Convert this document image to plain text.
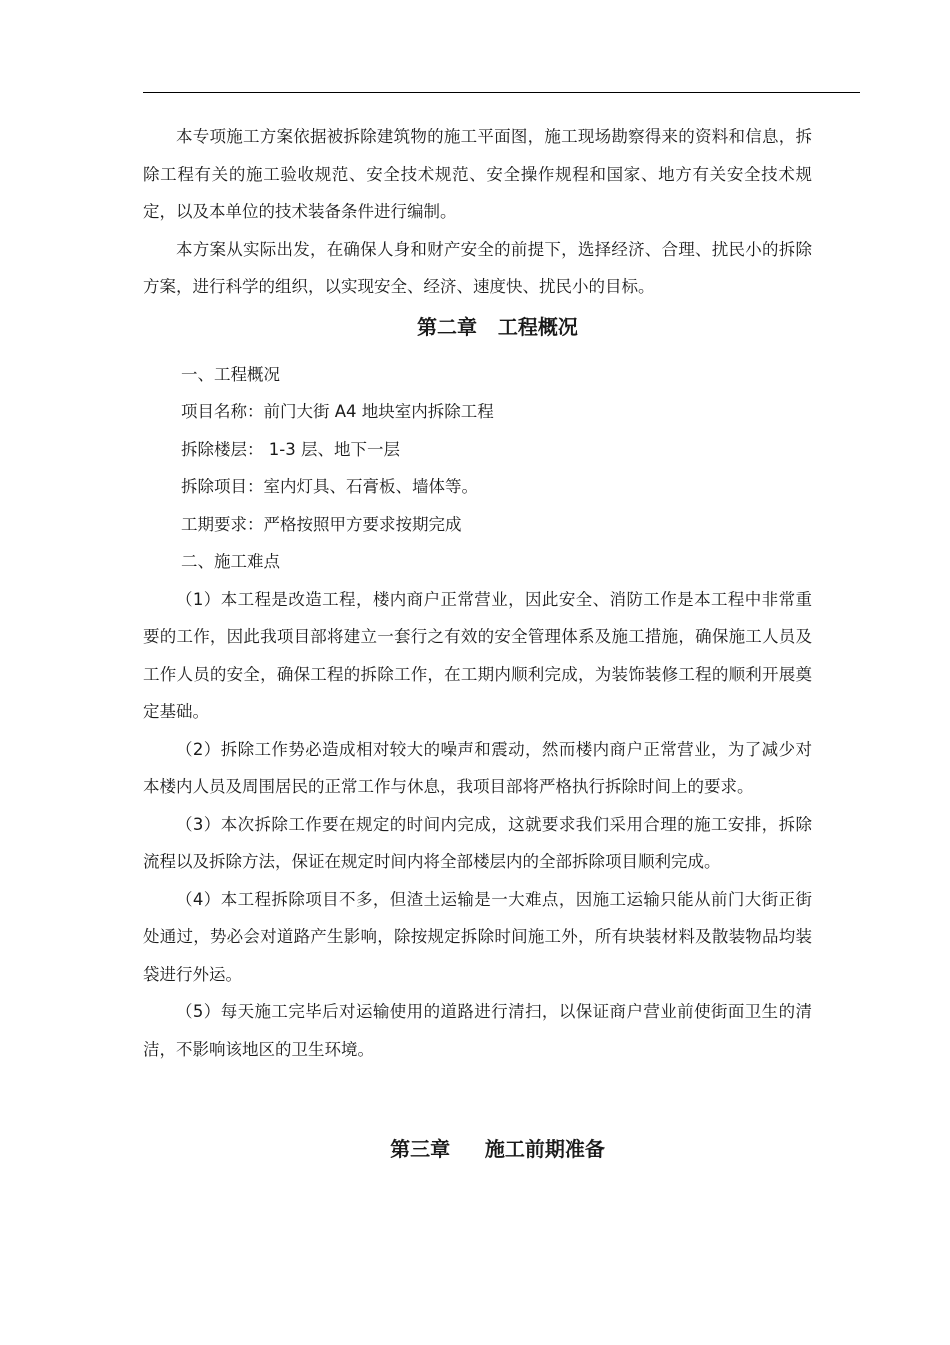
本专项施工方案依据被拆除建筑物的施工平面图，施工现场勘察得来的资料和信息，拆除工程有关的施工验收规范、安全技术规范、安全操作规程和国家、地方有关安全技术规定，以及本单位的技术装备条件进行编制。

本方案从实际出发，在确保人身和财产安全的前提下，选择经济、合理、扰民小的拆除方案，进行科学的组织，以实现安全、经济、速度快、扰民小的目标。

第二章   工程概况

一、工程概况

项目名称：前门大街 A4 地块室内拆除工程

拆除楼层： 1-3 层、地下一层

拆除项目：室内灯具、石膏板、墙体等。

工期要求：严格按照甲方要求按期完成

二、施工难点

（1）本工程是改造工程，楼内商户正常营业，因此安全、消防工作是本工程中非常重要的工作，因此我项目部将建立一套行之有效的安全管理体系及施工措施，确保施工人员及工作人员的安全，确保工程的拆除工作，在工期内顺利完成，为装饰装修工程的顺利开展奠定基础。

（2）拆除工作势必造成相对较大的噪声和震动，然而楼内商户正常营业，为了减少对本楼内人员及周围居民的正常工作与休息，我项目部将严格执行拆除时间上的要求。

（3）本次拆除工作要在规定的时间内完成，这就要求我们采用合理的施工安排，拆除流程以及拆除方法，保证在规定时间内将全部楼层内的全部拆除项目顺利完成。

（4）本工程拆除项目不多，但渣土运输是一大难点，因施工运输只能从前门大街正街处通过，势必会对道路产生影响，除按规定拆除时间施工外，所有块装材料及散装物品均装袋进行外运。

（5）每天施工完毕后对运输使用的道路进行清扫，以保证商户营业前使街面卫生的清洁，不影响该地区的卫生环境。

第三章     施工前期准备
